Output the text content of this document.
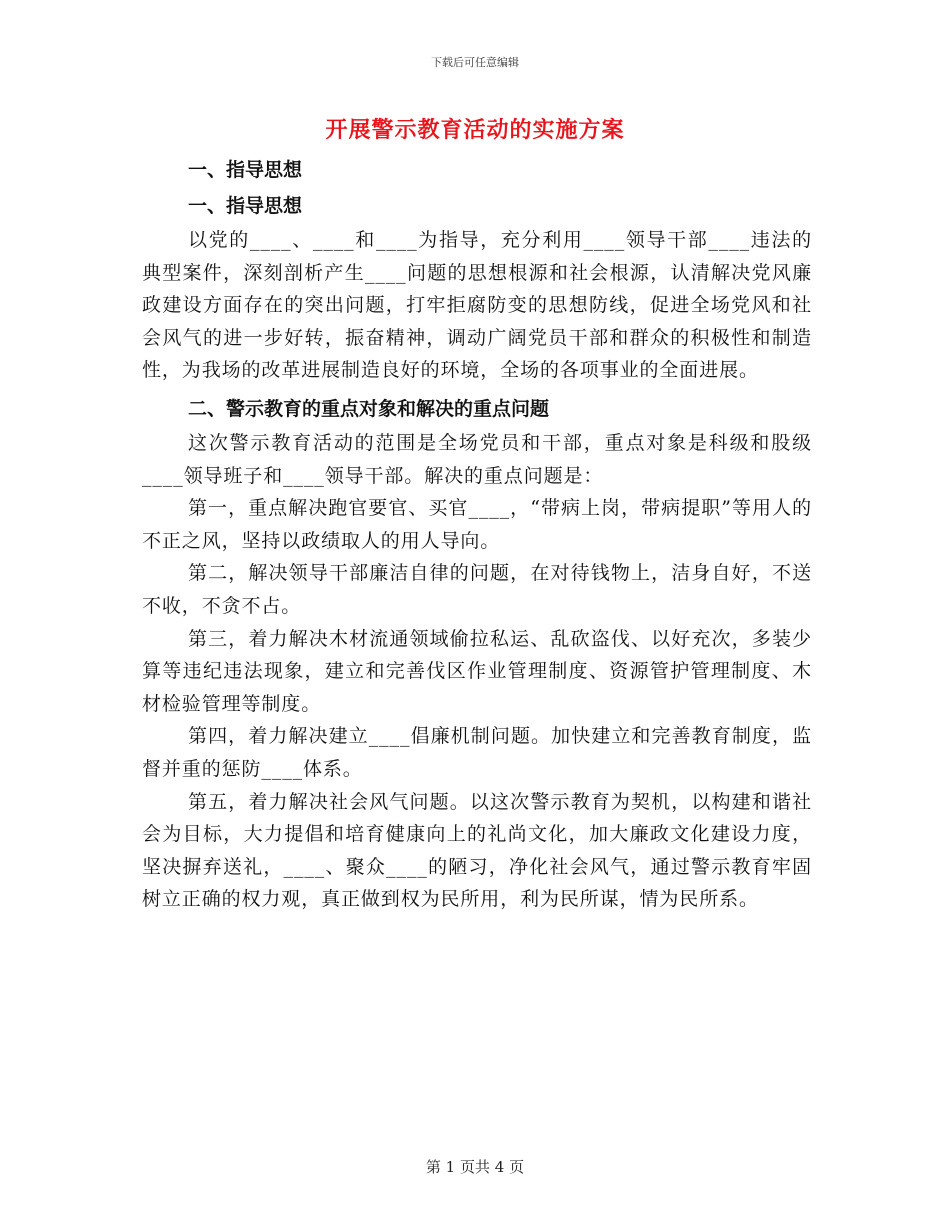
下载后可任意编辑
开展警示教育活动的实施方案

一、指导思想

一、指导思想

以党的____、____和____为指导，充分利用____领导干部____违法的典型案件，深刻剖析产生____问题的思想根源和社会根源，认清解决党风廉政建设方面存在的突出问题，打牢拒腐防变的思想防线，促进全场党风和社会风气的进一步好转，振奋精神，调动广阔党员干部和群众的积极性和制造性，为我场的改革进展制造良好的环境，全场的各项事业的全面进展。

二、警示教育的重点对象和解决的重点问题

这次警示教育活动的范围是全场党员和干部，重点对象是科级和股级____领导班子和____领导干部。解决的重点问题是：

第一，重点解决跑官要官、买官____，“带病上岗，带病提职”等用人的不正之风，坚持以政绩取人的用人导向。

第二，解决领导干部廉洁自律的问题，在对待钱物上，洁身自好，不送不收，不贪不占。

第三，着力解决木材流通领域偷拉私运、乱砍盗伐、以好充次，多装少算等违纪违法现象，建立和完善伐区作业管理制度、资源管护管理制度、木材检验管理等制度。

第四，着力解决建立____倡廉机制问题。加快建立和完善教育制度，监督并重的惩防____体系。

第五，着力解决社会风气问题。以这次警示教育为契机，以构建和谐社会为目标，大力提倡和培育健康向上的礼尚文化，加大廉政文化建设力度，坚决摒弃送礼，____、聚众____的陋习，净化社会风气，通过警示教育牢固树立正确的权力观，真正做到权为民所用，利为民所谋，情为民所系。

第 1 页共 4 页
